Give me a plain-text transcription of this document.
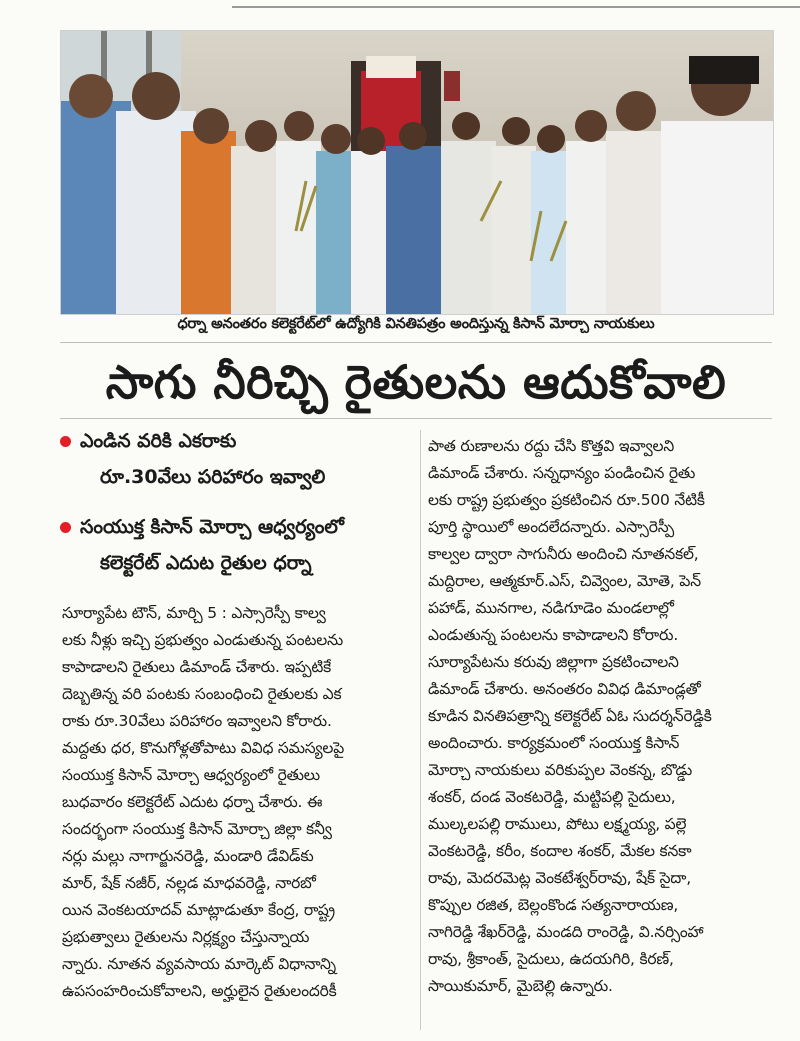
ధర్నా అనంతరం కలెక్టరేట్‌లో ఉద్యోగికి వినతిపత్రం అందిస్తున్న కిసాన్ మోర్చా నాయకులు
సాగు నీరిచ్చి రైతులను ఆదుకోవాలి
ఎండిన వరికి ఎకరాకు
రూ.30వేలు పరిహారం ఇవ్వాలి
సంయుక్త కిసాన్ మోర్చా ఆధ్వర్యంలో
కలెక్టరేట్ ఎదుట రైతుల ధర్నా
సూర్యాపేట టౌన్, మార్చి 5 : ఎస్సారెస్పీ కాల్వ
లకు నీళ్లు ఇచ్చి ప్రభుత్వం ఎండుతున్న పంటలను
కాపాడాలని రైతులు డిమాండ్ చేశారు. ఇప్పటికే
దెబ్బతిన్న వరి పంటకు సంబంధించి రైతులకు ఎక
రాకు రూ.30వేలు పరిహారం ఇవ్వాలని కోరారు.
మద్దతు ధర, కొనుగోళ్లతోపాటు వివిధ సమస్యలపై
సంయుక్త కిసాన్ మోర్చా ఆధ్వర్యంలో రైతులు
బుధవారం కలెక్టరేట్ ఎదుట ధర్నా చేశారు. ఈ
సందర్భంగా సంయుక్త కిసాన్ మోర్చా జిల్లా కన్వీ
నర్లు మల్లు నాగార్జునరెడ్డి, మండారి డేవిడ్‌కు
మార్, షేక్ నజీర్, నల్లడ మాధవరెడ్డి, నారబో
యిన వెంకటయాదవ్ మాట్లాడుతూ కేంద్ర, రాష్ట్ర
ప్రభుత్వాలు రైతులను నిర్లక్ష్యం చేస్తున్నాయ
న్నారు. నూతన వ్యవసాయ మార్కెట్ విధానాన్ని
ఉపసంహరించుకోవాలని, అర్హులైన రైతులందరికీ
పాత రుణాలను రద్దు చేసి కొత్తవి ఇవ్వాలని
డిమాండ్ చేశారు. సన్నధాన్యం పండించిన రైతు
లకు రాష్ట్ర ప్రభుత్వం ప్రకటించిన రూ.500 నేటికీ
పూర్తి స్థాయిలో అందలేదన్నారు. ఎస్సారెస్పీ
కాల్వల ద్వారా సాగునీరు అందించి నూతనకల్,
మద్దిరాల, ఆత్మకూర్.ఎస్, చివ్వెంల, మోతె, పెన్
పహాడ్, మునగాల, నడిగూడెం మండలాల్లో
ఎండుతున్న పంటలను కాపాడాలని కోరారు.
సూర్యాపేటను కరువు జిల్లాగా ప్రకటించాలని
డిమాండ్ చేశారు. అనంతరం వివిధ డిమాండ్లతో
కూడిన వినతిపత్రాన్ని కలెక్టరేట్ ఏఓ సుదర్శన్‌రెడ్డికి
అందించారు. కార్యక్రమంలో సంయుక్త కిసాన్
మోర్చా నాయకులు వరికుప్పల వెంకన్న, బొడ్డు
శంకర్, దండ వెంకటరెడ్డి, మట్టిపల్లి సైదులు,
ముల్కలపల్లి రాములు, పోటు లక్ష్మయ్య, పల్లె
వెంకటరెడ్డి, కరీం, కందాల శంకర్, మేకల కనకా
రావు, మెదరమెట్ల వెంకటేశ్వర్‌రావు, షేక్ సైదా,
కొప్పుల రజిత, బెల్లంకొండ సత్యనారాయణ,
నాగిరెడ్డి శేఖర్‌రెడ్డి, మండది రాంరెడ్డి, వి.నర్సింహా
రావు, శ్రీకాంత్, సైదులు, ఉదయగిరి, కిరణ్,
సాయికుమార్, మైబెల్లి ఉన్నారు.
